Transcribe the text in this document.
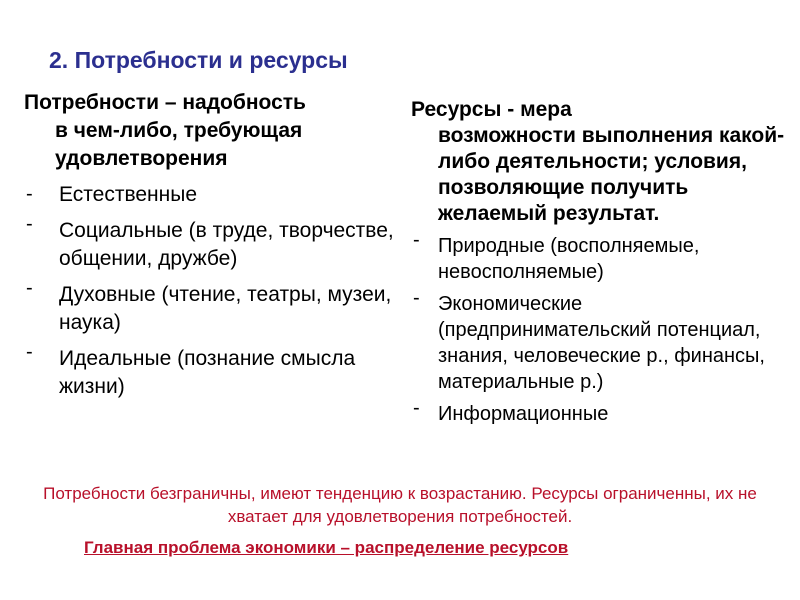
2. Потребности и ресурсы
Потребности – надобность
в чем-либо, требующая удовлетворения
- Естественные
- Социальные (в труде, творчестве, общении, дружбе)
- Духовные (чтение, театры, музеи, наука)
- Идеальные (познание смысла жизни)
Ресурсы - мера
возможности выполнения какой-либо деятельности; условия, позволяющие получить желаемый результат.
- Природные (восполняемые, невосполняемые)
- Экономические (предпринимательский потенциал, знания, человеческие р., финансы, материальные р.)
- Информационные
Потребности безграничны, имеют тенденцию к возрастанию. Ресурсы ограниченны, их не хватает для удовлетворения потребностей.
Главная проблема экономики – распределение ресурсов
